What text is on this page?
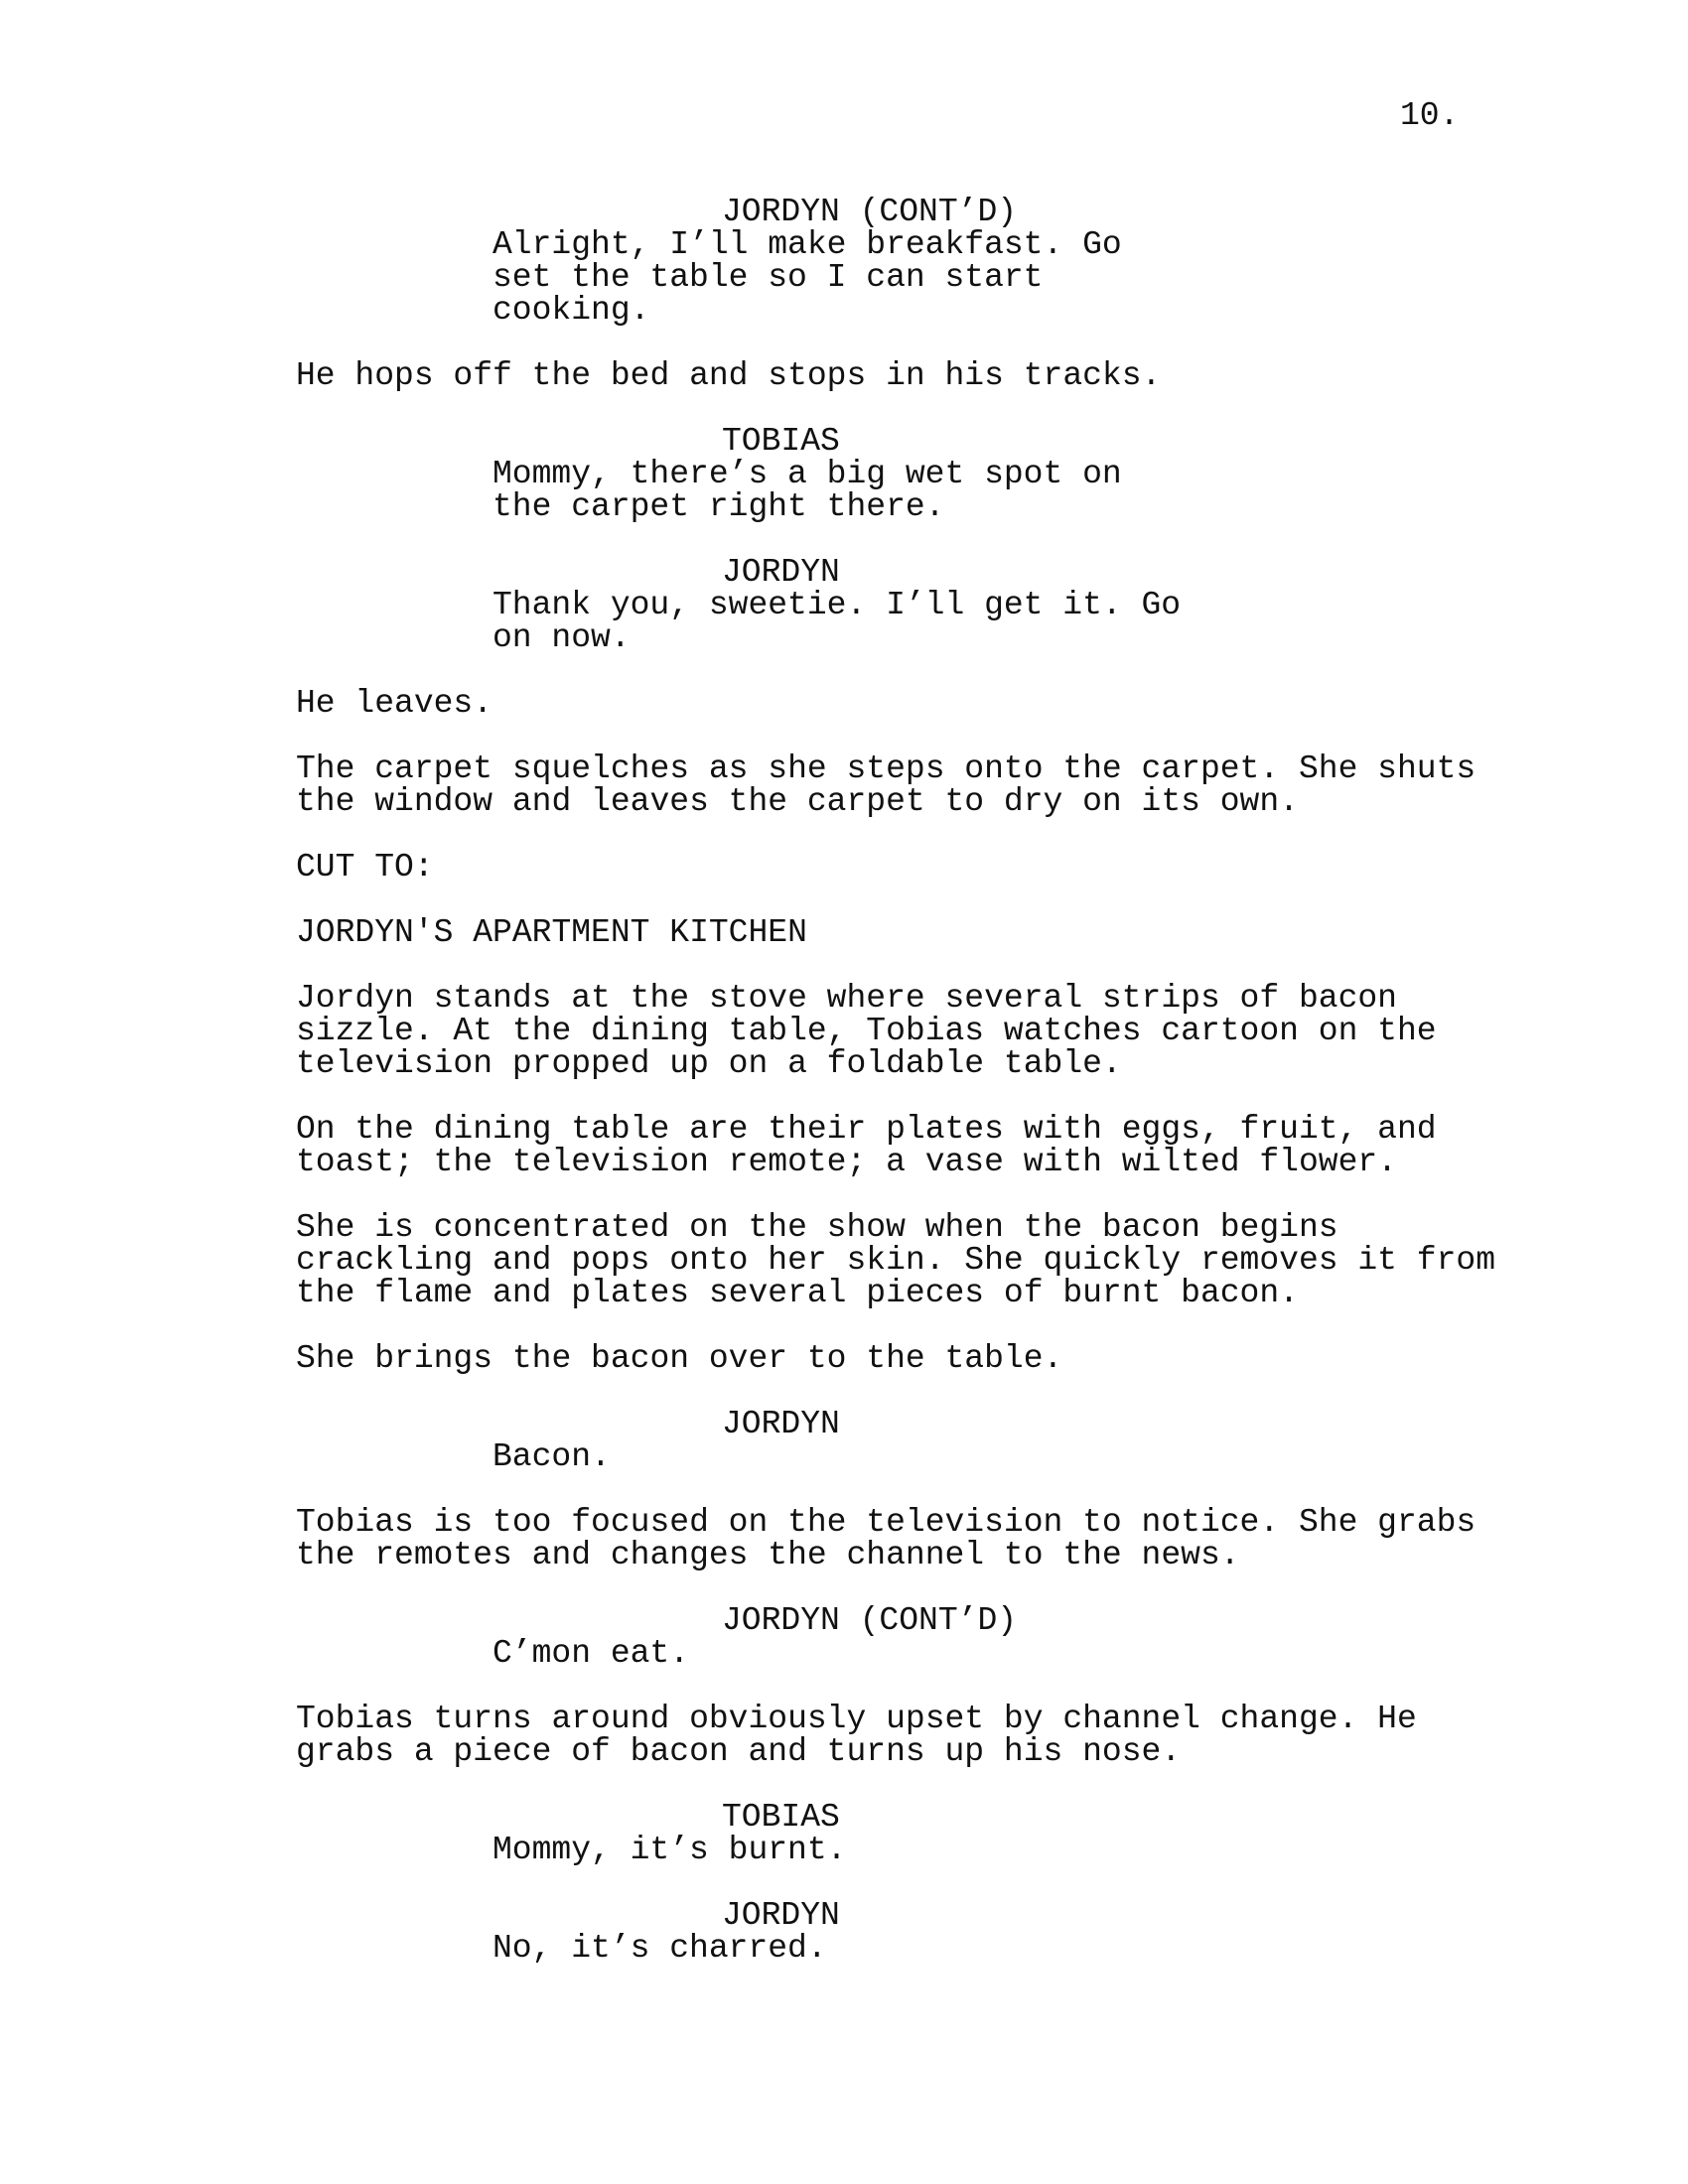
10.
JORDYN (CONT’D)
Alright, I’ll make breakfast. Go
set the table so I can start
cooking.
He hops off the bed and stops in his tracks.
TOBIAS
Mommy, there’s a big wet spot on
the carpet right there.
JORDYN
Thank you, sweetie. I’ll get it. Go
on now.
He leaves.
The carpet squelches as she steps onto the carpet. She shuts
the window and leaves the carpet to dry on its own.
CUT TO:
JORDYN'S APARTMENT KITCHEN
Jordyn stands at the stove where several strips of bacon
sizzle. At the dining table, Tobias watches cartoon on the
television propped up on a foldable table.
On the dining table are their plates with eggs, fruit, and
toast; the television remote; a vase with wilted flower.
She is concentrated on the show when the bacon begins
crackling and pops onto her skin. She quickly removes it from
the flame and plates several pieces of burnt bacon.
She brings the bacon over to the table.
JORDYN
Bacon.
Tobias is too focused on the television to notice. She grabs
the remotes and changes the channel to the news.
JORDYN (CONT’D)
C’mon eat.
Tobias turns around obviously upset by channel change. He
grabs a piece of bacon and turns up his nose.
TOBIAS
Mommy, it’s burnt.
JORDYN
No, it’s charred.
